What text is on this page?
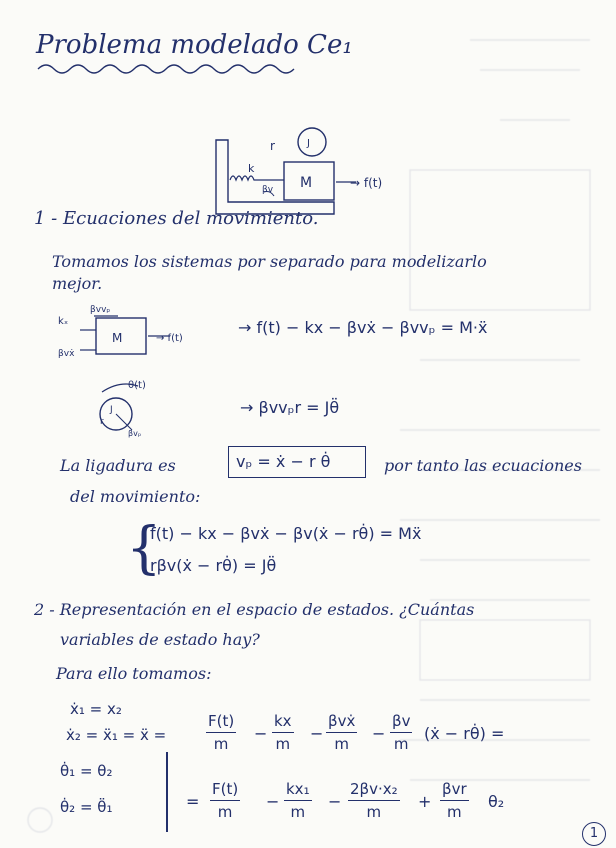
Problema modelado Ce₁
k
r	J
M	→ f(t)
βv
1 - Ecuaciones del movimiento.
Tomamos los sistemas por separado para modelizarlo
mejor.
kₓ
βvvₚ
M	→ f(t)
βvẋ
→ f(t) − kx − βvẋ − βvvₚ = M·ẍ
θ(t)
J
r
βvₚ
→ βvvₚr = Jθ̈
La ligadura es	vₚ = ẋ − r θ̇	por tanto las ecuaciones
del movimiento:
{
f(t) − kx − βvẋ − βv(ẋ − rθ̇) = Mẍ
rβv(ẋ − rθ̇) = Jθ̈
2 - Representación en el espacio de estados. ¿Cuántas
variables de estado hay?
Para ello tomamos:
ẋ₁ = x₂
ẋ₂ = ẍ₁ = ẍ =
θ̇₁ = θ₂
θ̇₂ = θ̈₁
F(t)
m
−
kx
m
−
βvẋ
m
−
βv
m
(ẋ − rθ̇) =
=
F(t)
m
−
kx₁
m
−
2βv·x₂
m
+
βvr
m
θ₂
1
